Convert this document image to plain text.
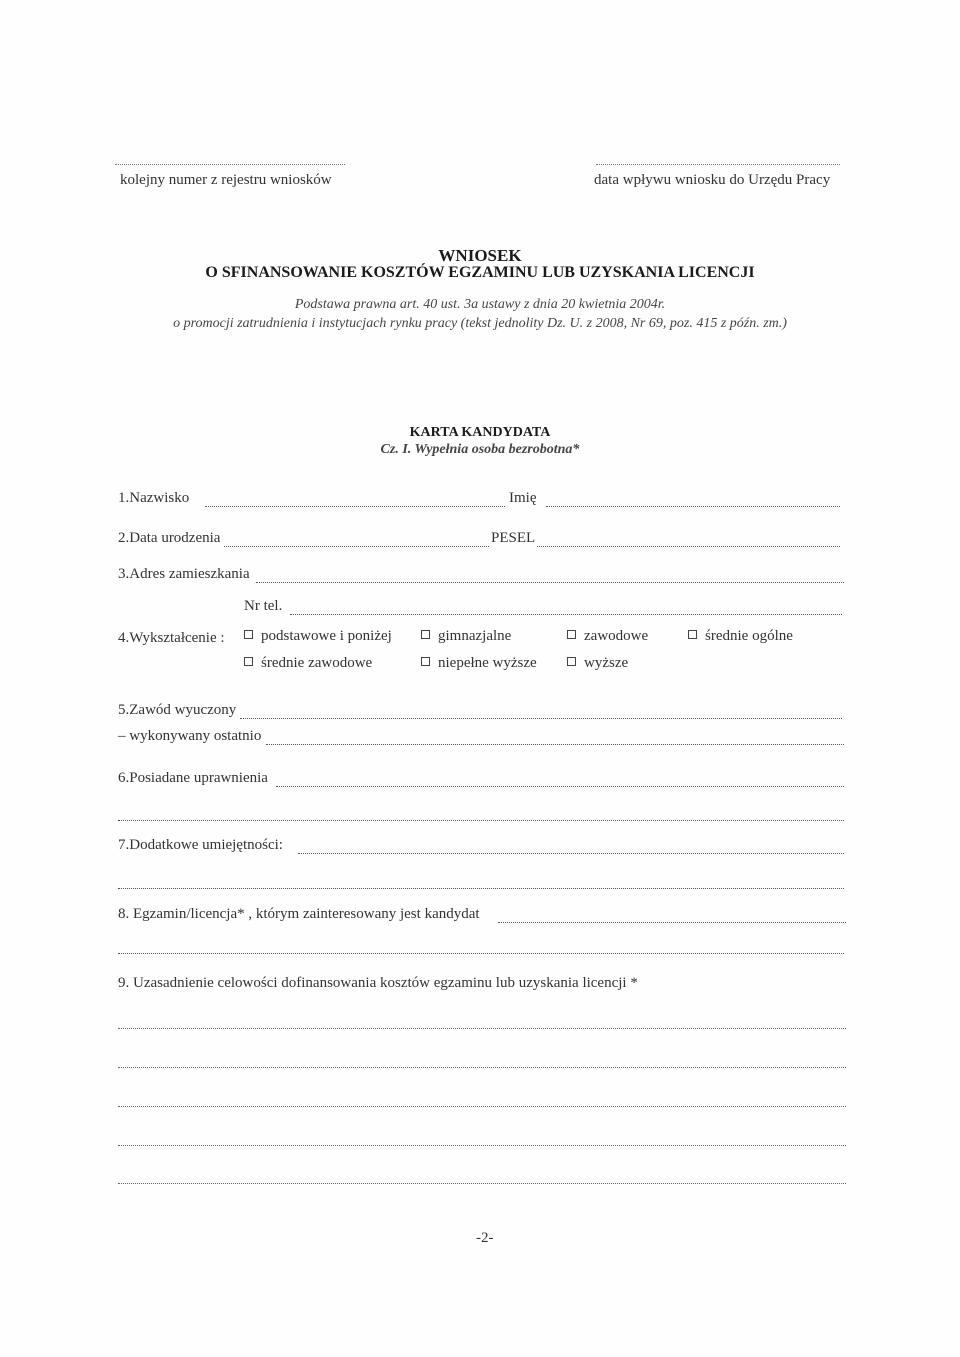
kolejny numer z rejestru wniosków	data wpływu wniosku do Urzędu Pracy
WNIOSEK
O SFINANSOWANIE KOSZTÓW EGZAMINU LUB UZYSKANIA LICENCJI
Podstawa prawna art. 40 ust. 3a ustawy z dnia 20 kwietnia 2004r.
o promocji zatrudnienia i instytucjach rynku pracy (tekst jednolity Dz. U. z 2008, Nr 69, poz. 415 z późn. zm.)
KARTA KANDYDATA
Cz. I. Wypełnia osoba bezrobotna*
1.Nazwisko	Imię
2.Data urodzenia	PESEL
3.Adres zamieszkania
Nr tel.
4.Wykształcenie :	podstawowe i poniżej	gimnazjalne	zawodowe	średnie ogólne
średnie zawodowe	niepełne wyższe	wyższe
5.Zawód wyuczony
– wykonywany ostatnio
6.Posiadane uprawnienia
7.Dodatkowe umiejętności:
8. Egzamin/licencja* , którym zainteresowany jest kandydat
9. Uzasadnienie celowości dofinansowania kosztów egzaminu lub uzyskania licencji *
-2-
